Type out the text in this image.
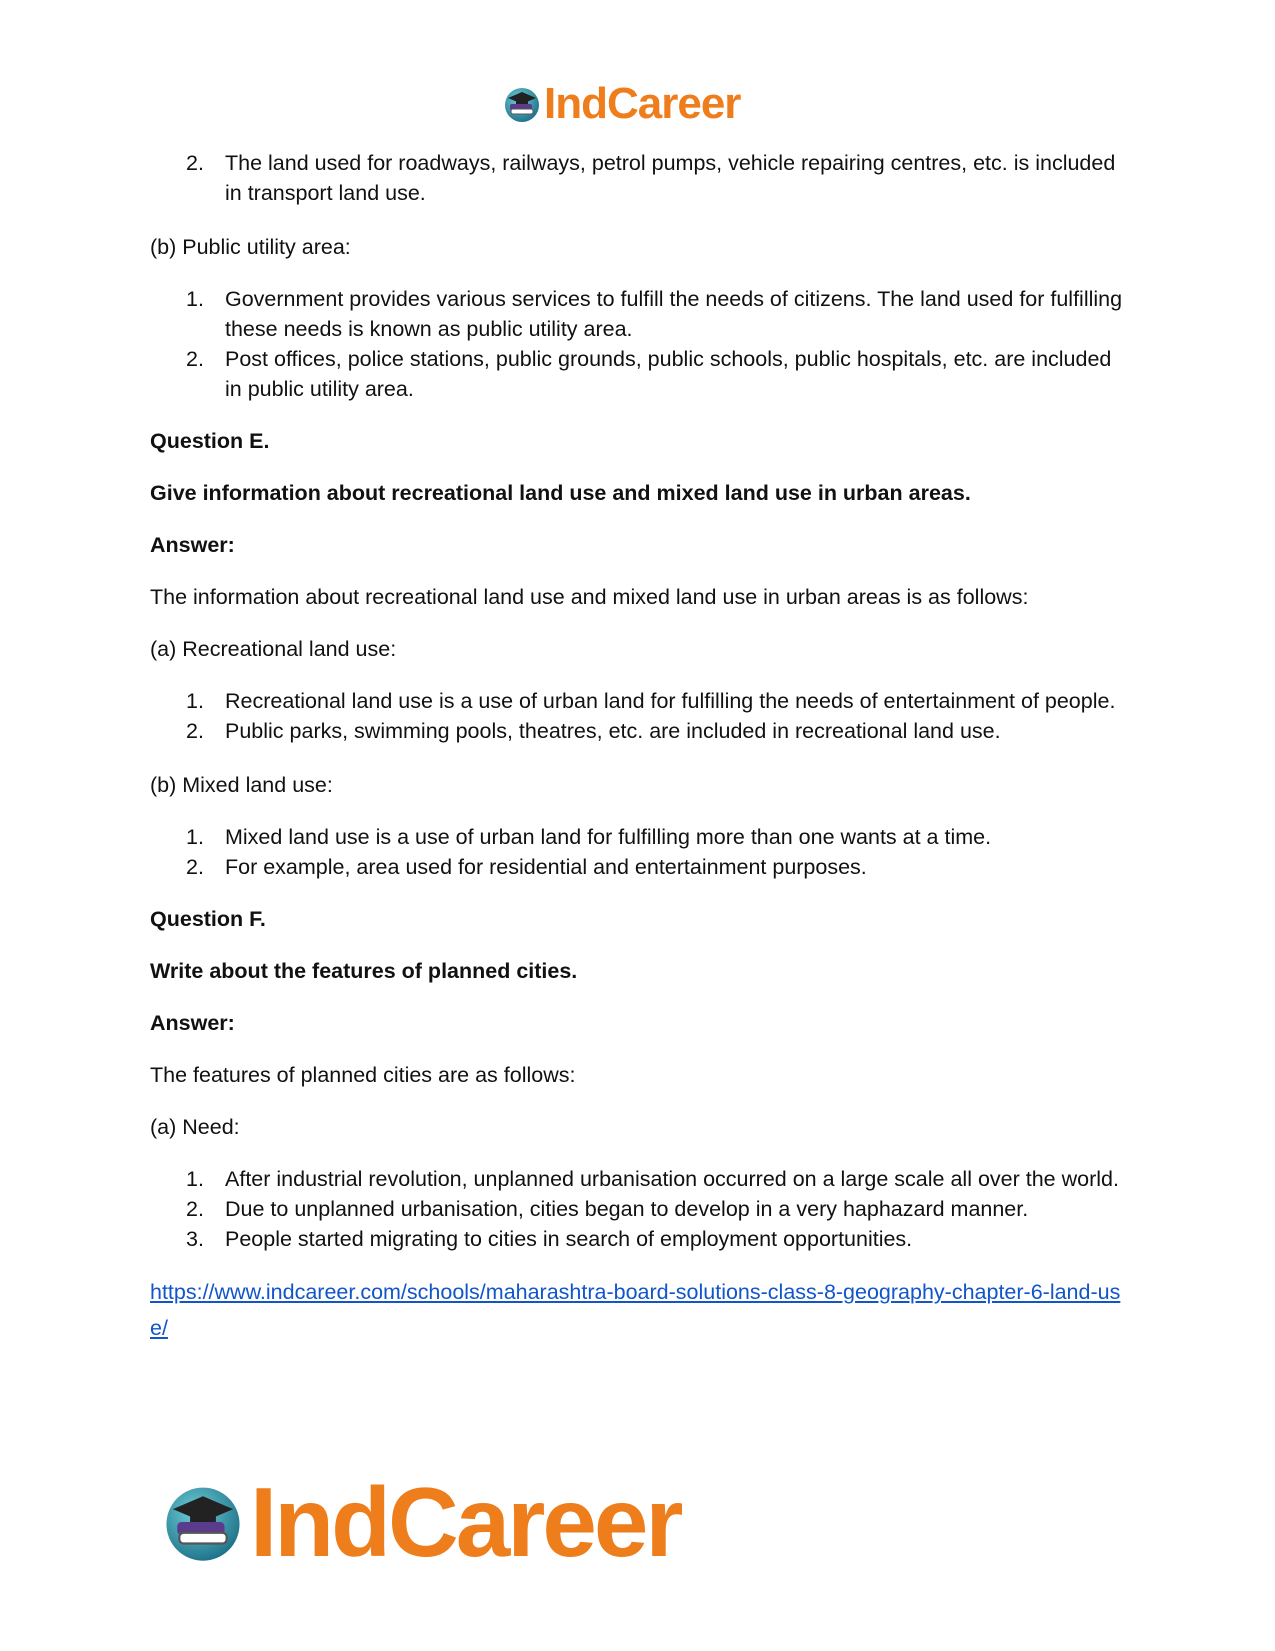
IndCareer
2. The land used for roadways, railways, petrol pumps, vehicle repairing centres, etc. is included in transport land use.

(b) Public utility area:

1. Government provides various services to fulfill the needs of citizens. The land used for fulfilling these needs is known as public utility area.
2. Post offices, police stations, public grounds, public schools, public hospitals, etc. are included in public utility area.

Question E.

Give information about recreational land use and mixed land use in urban areas.

Answer:

The information about recreational land use and mixed land use in urban areas is as follows:

(a) Recreational land use:

1. Recreational land use is a use of urban land for fulfilling the needs of entertainment of people.
2. Public parks, swimming pools, theatres, etc. are included in recreational land use.

(b) Mixed land use:

1. Mixed land use is a use of urban land for fulfilling more than one wants at a time.
2. For example, area used for residential and entertainment purposes.

Question F.

Write about the features of planned cities.

Answer:

The features of planned cities are as follows:

(a) Need:

1. After industrial revolution, unplanned urbanisation occurred on a large scale all over the world.
2. Due to unplanned urbanisation, cities began to develop in a very haphazard manner.
3. People started migrating to cities in search of employment opportunities.

https://www.indcareer.com/schools/maharashtra-board-solutions-class-8-geography-chapter-6-land-use/

IndCareer
